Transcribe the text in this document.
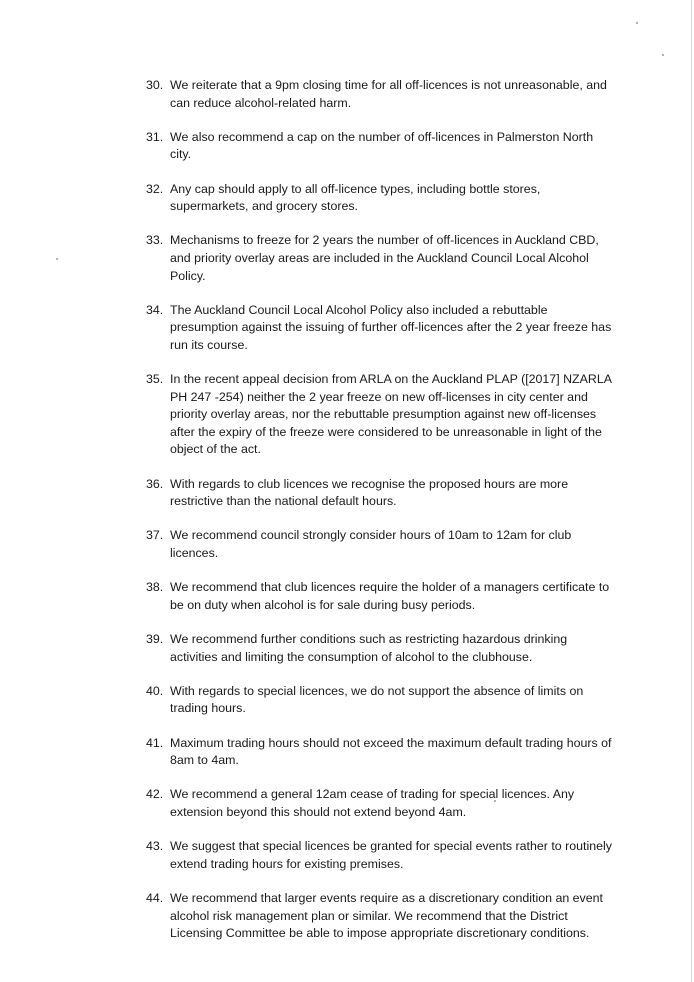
30. We reiterate that a 9pm closing time for all off-licences is not unreasonable, and can reduce alcohol-related harm.
31. We also recommend a cap on the number of off-licences in Palmerston North city.
32. Any cap should apply to all off-licence types, including bottle stores, supermarkets, and grocery stores.
33. Mechanisms to freeze for 2 years the number of off-licences in Auckland CBD, and priority overlay areas are included in the Auckland Council Local Alcohol Policy.
34. The Auckland Council Local Alcohol Policy also included a rebuttable presumption against the issuing of further off-licences after the 2 year freeze has run its course.
35. In the recent appeal decision from ARLA on the Auckland PLAP ([2017] NZARLA PH 247 -254) neither the 2 year freeze on new off-licenses in city center and priority overlay areas, nor the rebuttable presumption against new off-licenses after the expiry of the freeze were considered to be unreasonable in light of the object of the act.
36. With regards to club licences we recognise the proposed hours are more restrictive than the national default hours.
37. We recommend council strongly consider hours of 10am to 12am for club licences.
38. We recommend that club licences require the holder of a managers certificate to be on duty when alcohol is for sale during busy periods.
39. We recommend further conditions such as restricting hazardous drinking activities and limiting the consumption of alcohol to the clubhouse.
40. With regards to special licences, we do not support the absence of limits on trading hours.
41. Maximum trading hours should not exceed the maximum default trading hours of 8am to 4am.
42. We recommend a general 12am cease of trading for special licences. Any extension beyond this should not extend beyond 4am.
43. We suggest that special licences be granted for special events rather to routinely extend trading hours for existing premises.
44. We recommend that larger events require as a discretionary condition an event alcohol risk management plan or similar. We recommend that the District Licensing Committee be able to impose appropriate discretionary conditions.
